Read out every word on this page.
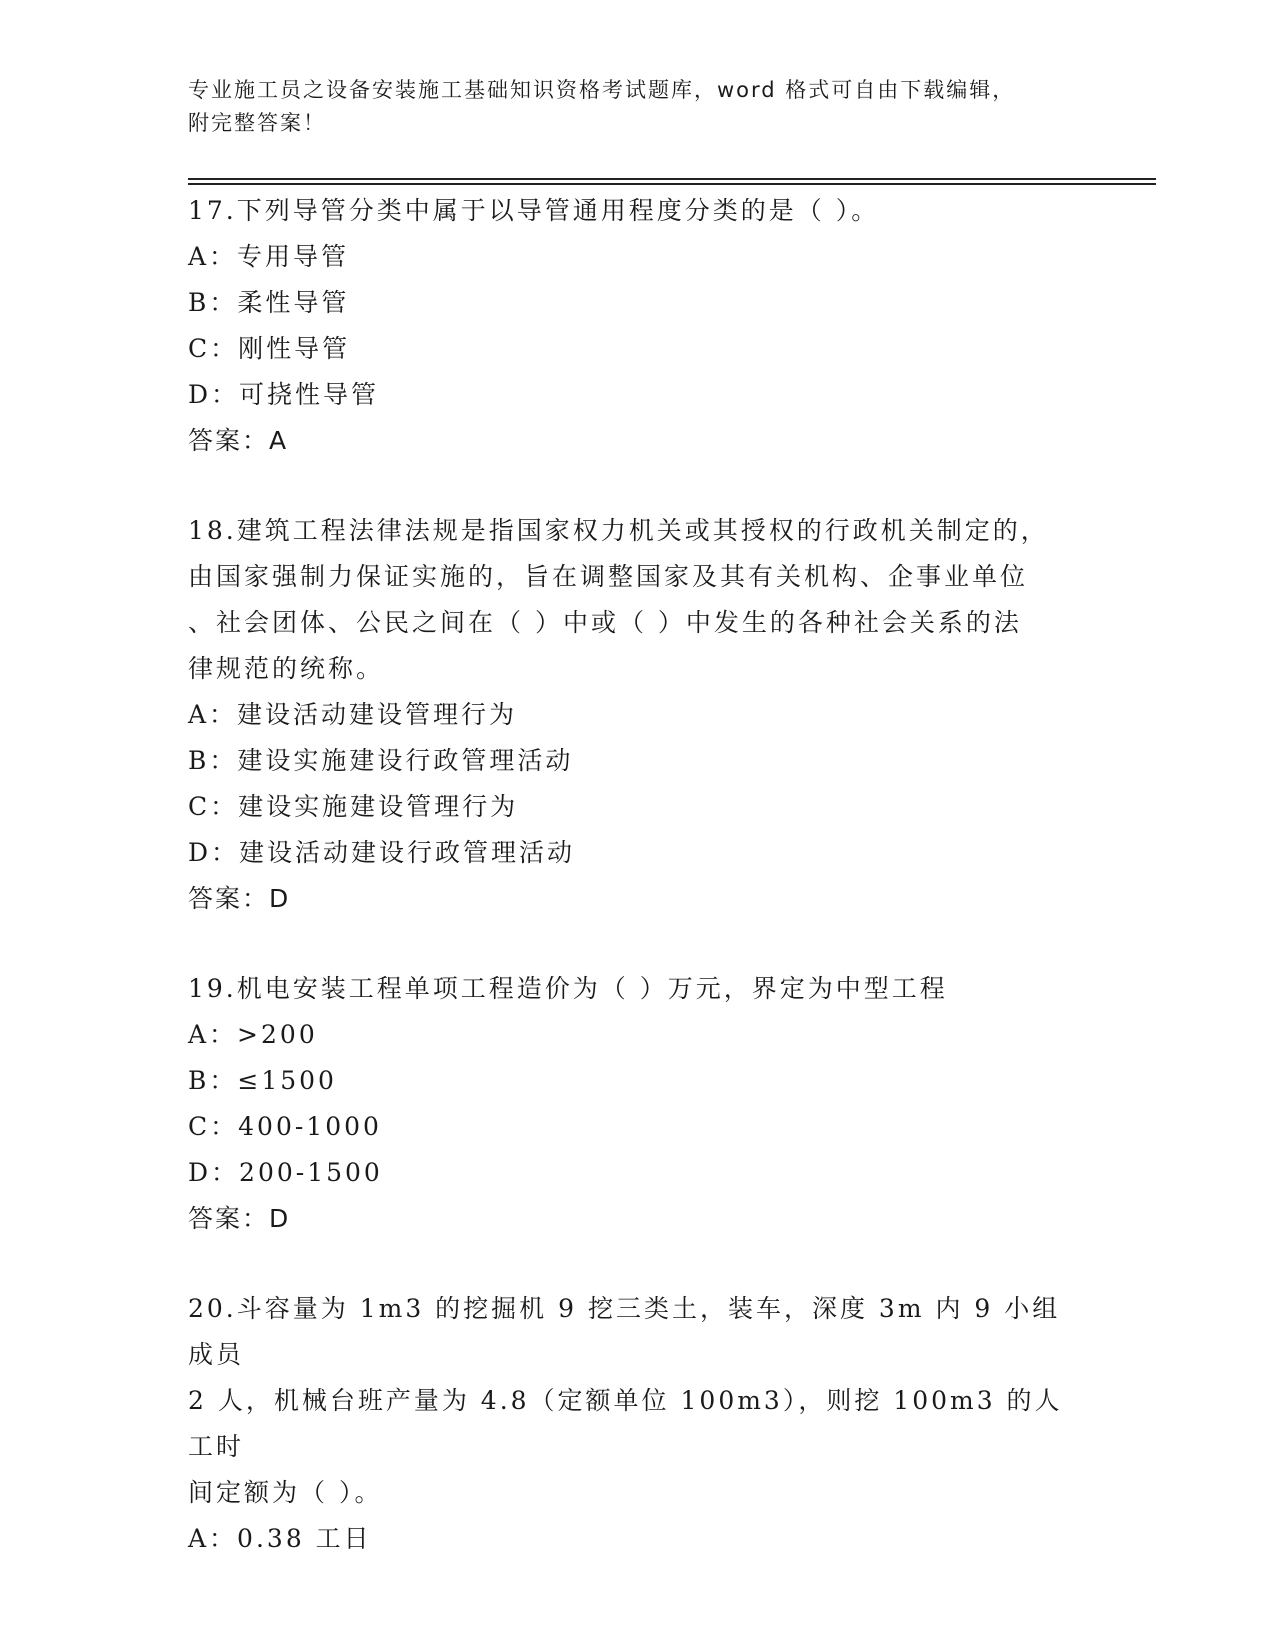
专业施工员之设备安装施工基础知识资格考试题库，word 格式可自由下载编辑，
附完整答案！

17.下列导管分类中属于以导管通用程度分类的是（ ）。

A：专用导管

B：柔性导管

C：刚性导管

D：可挠性导管

答案：A

18.建筑工程法律法规是指国家权力机关或其授权的行政机关制定的，

由国家强制力保证实施的，旨在调整国家及其有关机构、企事业单位

、社会团体、公民之间在（ ）中或（ ）中发生的各种社会关系的法

律规范的统称。

A：建设活动建设管理行为

B：建设实施建设行政管理活动

C：建设实施建设管理行为

D：建设活动建设行政管理活动

答案：D

19.机电安装工程单项工程造价为（ ）万元，界定为中型工程

A：>200

B：≤1500

C：400-1000

D：200-1500

答案：D

20.斗容量为 1m3 的挖掘机 9 挖三类土，装车，深度 3m 内 9 小组成员

2 人，机械台班产量为 4.8（定额单位 100m3），则挖 100m3 的人工时

间定额为（ ）。

A：0.38 工日
